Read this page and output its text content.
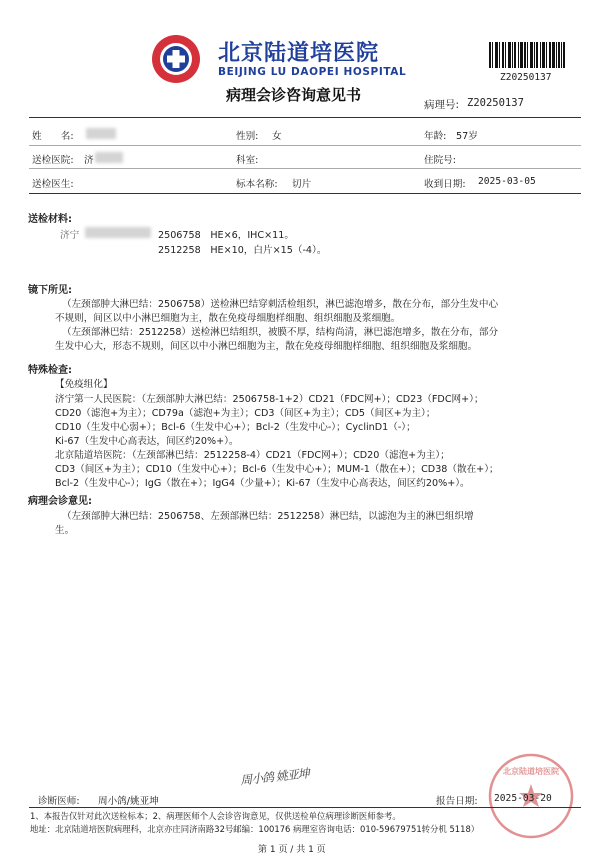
北京陆道培医院
BEIJING LU DAOPEI HOSPITAL
病理会诊咨询意见书
Z20250137
病理号: Z20250137
姓　　名:	性别: 女	年龄: 57岁
送检医院: 济	科室:	住院号:
送检医生:	标本名称: 切片	收到日期: 2025-03-05
送检材料:
济宁	2506758　HE×6，IHC×11。
2512258　HE×10，白片×15（-4）。
镜下所见:
（左颈部肿大淋巴结：2506758）送检淋巴结穿刺活检组织，淋巴滤泡增多，散在分布，部分生发中心
不规则，间区以中小淋巴细胞为主，散在免疫母细胞样细胞、组织细胞及浆细胞。
（左颈部淋巴结：2512258）送检淋巴结组织，被膜不厚，结构尚清，淋巴滤泡增多，散在分布，部分
生发中心大，形态不规则，间区以中小淋巴细胞为主，散在免疫母细胞样细胞、组织细胞及浆细胞。
特殊检查:
【免疫组化】
济宁第一人民医院：（左颈部肿大淋巴结：2506758-1+2）CD21（FDC网+）；CD23（FDC网+）；
CD20（滤泡+为主）；CD79a（滤泡+为主）；CD3（间区+为主）；CD5（间区+为主）；
CD10（生发中心弱+）；Bcl-6（生发中心+）；Bcl-2（生发中心-）；CyclinD1（-）；
Ki-67（生发中心高表达，间区约20%+）。
北京陆道培医院：（左颈部淋巴结：2512258-4）CD21（FDC网+）；CD20（滤泡+为主）；
CD3（间区+为主）；CD10（生发中心+）；Bcl-6（生发中心+）；MUM-1（散在+）；CD38（散在+）；
Bcl-2（生发中心-）；IgG（散在+）；IgG4（少量+）；Ki-67（生发中心高表达，间区约20%+）。
病理会诊意见:
（左颈部肿大淋巴结：2506758、左颈部淋巴结：2512258）淋巴结，以滤泡为主的淋巴组织增
生。
北京陆道培医院
周小鸽 姚亚坤
诊断医师: 周小鸽/姚亚坤	报告日期: 2025-03-20
1、本报告仅针对此次送检标本；2、病理医师个人会诊咨询意见，仅供送检单位病理诊断医师参考。
地址：北京陆道培医院病理科，北京亦庄同济南路32号邮编：100176 病理室咨询电话：010-59679751转分机 5118）
第 1 页 / 共 1 页
